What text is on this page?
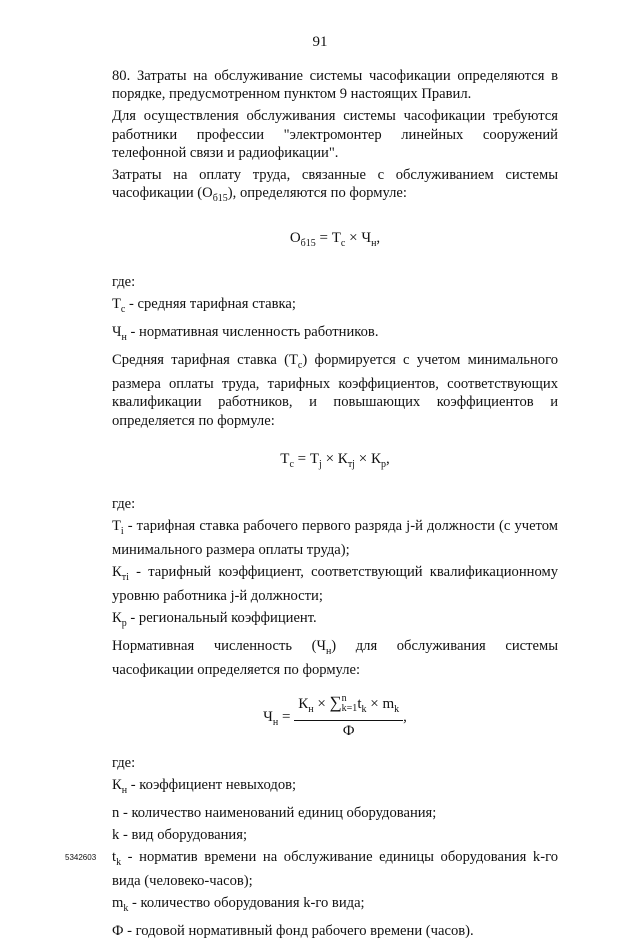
91

80. Затраты на обслуживание системы часофикации определяются в порядке, предусмотренном пунктом 9 настоящих Правил.

Для осуществления обслуживания системы часофикации требуются работники профессии "электромонтер линейных сооружений телефонной связи и радиофикации".

Затраты на оплату труда, связанные с обслуживанием системы часофикации $(О_{б15})$, определяются по формуле:

$О_{б15} = Т_с \times Ч_н$,

где:

$Т_с$ - средняя тарифная ставка;

$Ч_н$ - нормативная численность работников.

Средняя тарифная ставка $(Т_с)$ формируется с учетом минимального размера оплаты труда, тарифных коэффициентов, соответствующих квалификации работников, и повышающих коэффициентов и определяется по формуле:

$Т_с = Т_j \times К_{тj} \times К_р$,

где:

$Т_i$ - тарифная ставка рабочего первого разряда j-й должности (с учетом минимального размера оплаты труда);

$К_{тi}$ - тарифный коэффициент, соответствующий квалификационному уровню работника j-й должности;

$К_р$ - региональный коэффициент.

Нормативная численность $(Ч_н)$ для обслуживания системы часофикации определяется по формуле:

$Ч_н = К_н$ × ∑ n
k=1 $t_k \times m_k$
Ф ,

где:

$К_н$ - коэффициент невыходов;

n - количество наименований единиц оборудования;

k - вид оборудования;

$t_k$ - норматив времени на обслуживание единицы оборудования k-го вида (человеко-часов);

$m_k$ - количество оборудования k-го вида;

Ф - годовой нормативный фонд рабочего времени (часов).

5342603
